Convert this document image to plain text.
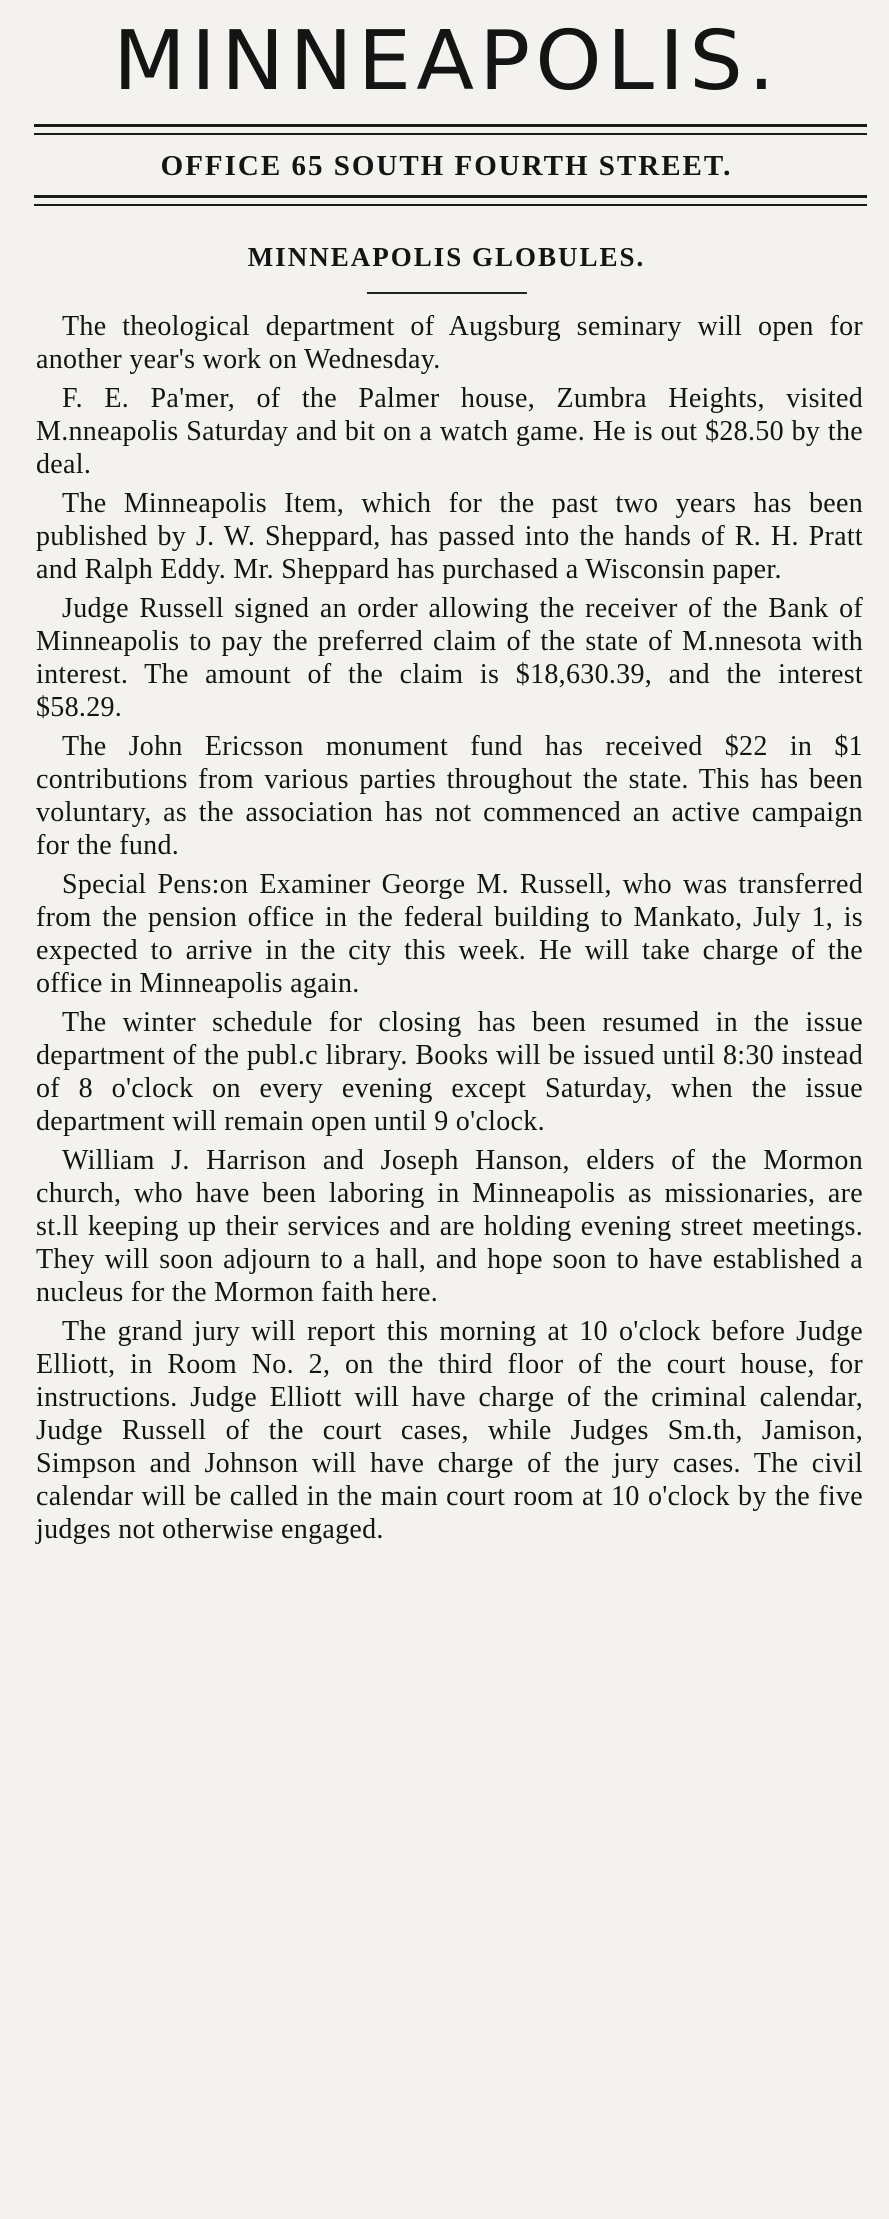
MINNEAPOLIS.
OFFICE 65 SOUTH FOURTH STREET.
MINNEAPOLIS GLOBULES.

The theological department of Augsburg seminary will open for another year's work on Wednesday.

F. E. Pa'mer, of the Palmer house, Zumbra Heights, visited M.nneapolis Saturday and bit on a watch game. He is out $28.50 by the deal.

The Minneapolis Item, which for the past two years has been published by J. W. Sheppard, has passed into the hands of R. H. Pratt and Ralph Eddy. Mr. Sheppard has purchased a Wisconsin paper.

Judge Russell signed an order allowing the receiver of the Bank of Minneapolis to pay the preferred claim of the state of M.nnesota with interest. The amount of the claim is $18,630.39, and the interest $58.29.

The John Ericsson monument fund has received $22 in $1 contributions from various parties throughout the state. This has been voluntary, as the association has not commenced an active campaign for the fund.

Special Pens:on Examiner George M. Russell, who was transferred from the pension office in the federal building to Mankato, July 1, is expected to arrive in the city this week. He will take charge of the office in Minneapolis again.

The winter schedule for closing has been resumed in the issue department of the publ.c library. Books will be issued until 8:30 instead of 8 o'clock on every evening except Saturday, when the issue department will remain open until 9 o'clock.

William J. Harrison and Joseph Hanson, elders of the Mormon church, who have been laboring in Minneapolis as missionaries, are st.ll keeping up their services and are holding evening street meetings. They will soon adjourn to a hall, and hope soon to have established a nucleus for the Mormon faith here.

The grand jury will report this morning at 10 o'clock before Judge Elliott, in Room No. 2, on the third floor of the court house, for instructions. Judge Elliott will have charge of the criminal calendar, Judge Russell of the court cases, while Judges Sm.th, Jamison, Simpson and Johnson will have charge of the jury cases. The civil calendar will be called in the main court room at 10 o'clock by the five judges not otherwise engaged.
